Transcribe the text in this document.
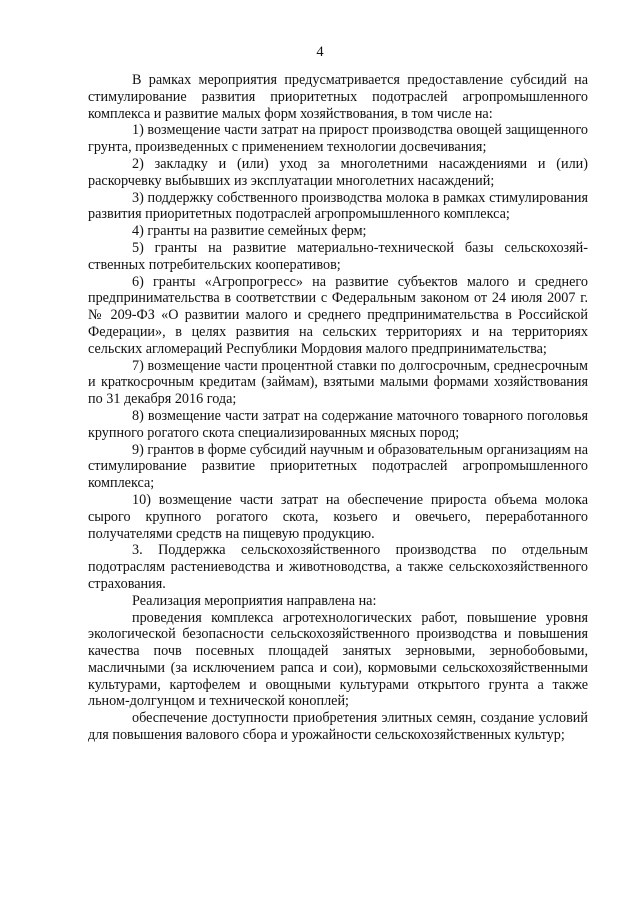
4

В рамках мероприятия предусматривается предоставление субсидий на стимулирование развития приоритетных подотраслей агропромышленного комплекса и развитие малых форм хозяйствования, в том числе на:

1) возмещение части затрат на прирост производства овощей защищенного грунта, произведенных с применением технологии досвечивания;

2) закладку и (или) уход за многолетними насаждениями и (или) раскорчевку выбывших из эксплуатации многолетних насаждений;

3) поддержку собственного производства молока в рамках стимулирования развития приоритетных подотраслей агропромышленного комплекса;

4) гранты на развитие семейных ферм;

5) гранты на развитие материально-технической базы сельскохозяйственных потребительских кооперативов;

6) гранты «Агропрогресс» на развитие субъектов малого и среднего предпринимательства в соответствии с Федеральным законом от 24 июля 2007 г. № 209-ФЗ «О развитии малого и среднего предпринимательства в Российской Федерации», в целях развития на сельских территориях и на территориях сельских агломераций Республики Мордовия малого предпринимательства;

7) возмещение части процентной ставки по долгосрочным, среднесрочным и краткосрочным кредитам (займам), взятыми малыми формами хозяйствования по 31 декабря 2016 года;

8) возмещение части затрат на содержание маточного товарного поголовья крупного рогатого скота специализированных мясных пород;

9) грантов в форме субсидий научным и образовательным организациям на стимулирование развитие приоритетных подотраслей агропромышленного комплекса;

10) возмещение части затрат на обеспечение прироста объема молока сырого крупного рогатого скота, козьего и овечьего, переработанного получателями средств на пищевую продукцию.

3. Поддержка сельскохозяйственного производства по отдельным подотраслям растениеводства и животноводства, а также сельскохозяйственного страхования.

Реализация мероприятия направлена на:

проведения комплекса агротехнологических работ, повышение уровня экологической безопасности сельскохозяйственного производства и повышения качества почв посевных площадей занятых зерновыми, зернобобовыми, масличными (за исключением рапса и сои), кормовыми сельскохозяйственными культурами, картофелем и овощными культурами открытого грунта а также льном-долгунцом и технической коноплей;

обеспечение доступности приобретения элитных семян, создание условий для повышения валового сбора и урожайности сельскохозяйственных культур;
